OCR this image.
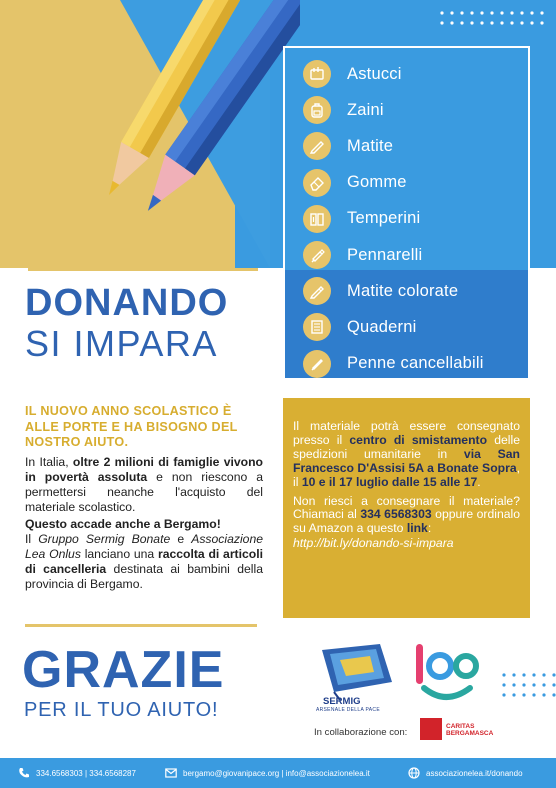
Astucci
Zaini
Matite
Gomme
Temperini
Pennarelli
Matite colorate
Quaderni
Penne cancellabili
DONANDO
SI IMPARA
IL NUOVO ANNO SCOLASTICO È ALLE PORTE E HA BISOGNO DEL NOSTRO AIUTO.

In Italia, oltre 2 milioni di famiglie vivono in povertà assoluta e non riescono a permettersi neanche l'acquisto del materiale scolastico.

Questo accade anche a Bergamo!
Il Gruppo Sermig Bonate e Associazione Lea Onlus lanciano una raccolta di articoli di cancelleria destinata ai bambini della provincia di Bergamo.

Il materiale potrà essere consegnato presso il centro di smistamento delle spedizioni umanitarie in via San Francesco D'Assisi 5A a Bonate Sopra, il 10 e il 17 luglio dalle 15 alle 17.

Non riesci a consegnare il materiale? Chiamaci al 334 6568303 oppure ordinalo su Amazon a questo link:
http://bit.ly/donando-si-impara

GRAZIE
PER IL TUO AIUTO!	SERMIG
ARSENALE DELLA PACE
In collaborazione con:
CARITAS
BERGAMASCA
334.6568303 | 334.6568287	bergamo@giovanipace.org | info@associazionelea.it	associazionelea.it/donando
